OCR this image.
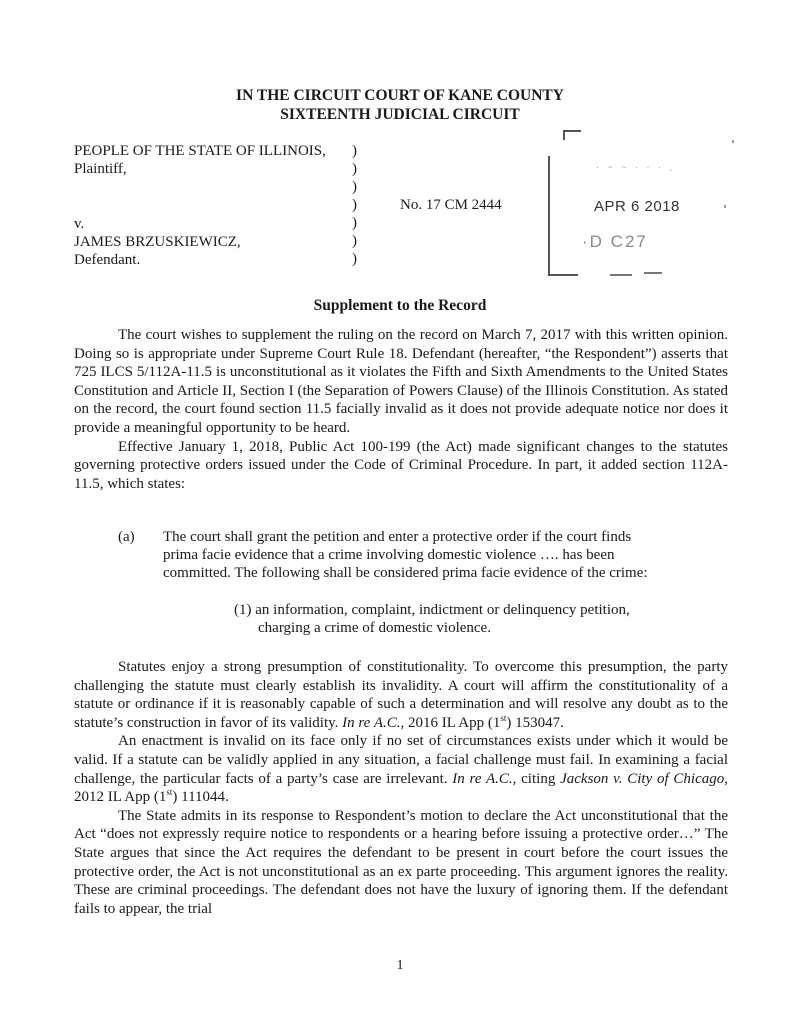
IN THE CIRCUIT COURT OF KANE COUNTY
SIXTEENTH JUDICIAL CIRCUIT
PEOPLE OF THE STATE OF ILLINOIS,
Plaintiff,
v.
JAMES BRZUSKIEWICZ,
Defendant.
)
)
)
)
)
)
)
No. 17 CM 2444
· ~ ~ · · · ,
APR 6 2018
·D C27
Supplement to the Record

The court wishes to supplement the ruling on the record on March 7, 2017 with this written opinion. Doing so is appropriate under Supreme Court Rule 18. Defendant (hereafter, “the Respondent”) asserts that 725 ILCS 5/112A-11.5 is unconstitutional as it violates the Fifth and Sixth Amendments to the United States Constitution and Article II, Section I (the Separation of Powers Clause) of the Illinois Constitution. As stated on the record, the court found section 11.5 facially invalid as it does not provide adequate notice nor does it provide a meaningful opportunity to be heard.

Effective January 1, 2018, Public Act 100-199 (the Act) made significant changes to the statutes governing protective orders issued under the Code of Criminal Procedure. In part, it added section 112A-11.5, which states:

(a) The court shall grant the petition and enter a protective order if the court finds
prima facie evidence that a crime involving domestic violence …. has been
committed. The following shall be considered prima facie evidence of the crime:
(1) an information, complaint, indictment or delinquency petition,
charging a crime of domestic violence.

Statutes enjoy a strong presumption of constitutionality. To overcome this presumption, the party challenging the statute must clearly establish its invalidity. A court will affirm the constitutionality of a statute or ordinance if it is reasonably capable of such a determination and will resolve any doubt as to the statute’s construction in favor of its validity. In re A.C., 2016 IL App (1st) 153047.

An enactment is invalid on its face only if no set of circumstances exists under which it would be valid. If a statute can be validly applied in any situation, a facial challenge must fail. In examining a facial challenge, the particular facts of a party’s case are irrelevant. In re A.C., citing Jackson v. City of Chicago, 2012 IL App (1st) 111044.

The State admits in its response to Respondent’s motion to declare the Act unconstitutional that the Act “does not expressly require notice to respondents or a hearing before issuing a protective order…” The State argues that since the Act requires the defendant to be present in court before the court issues the protective order, the Act is not unconstitutional as an ex parte proceeding. This argument ignores the reality. These are criminal proceedings. The defendant does not have the luxury of ignoring them. If the defendant fails to appear, the trial

1
